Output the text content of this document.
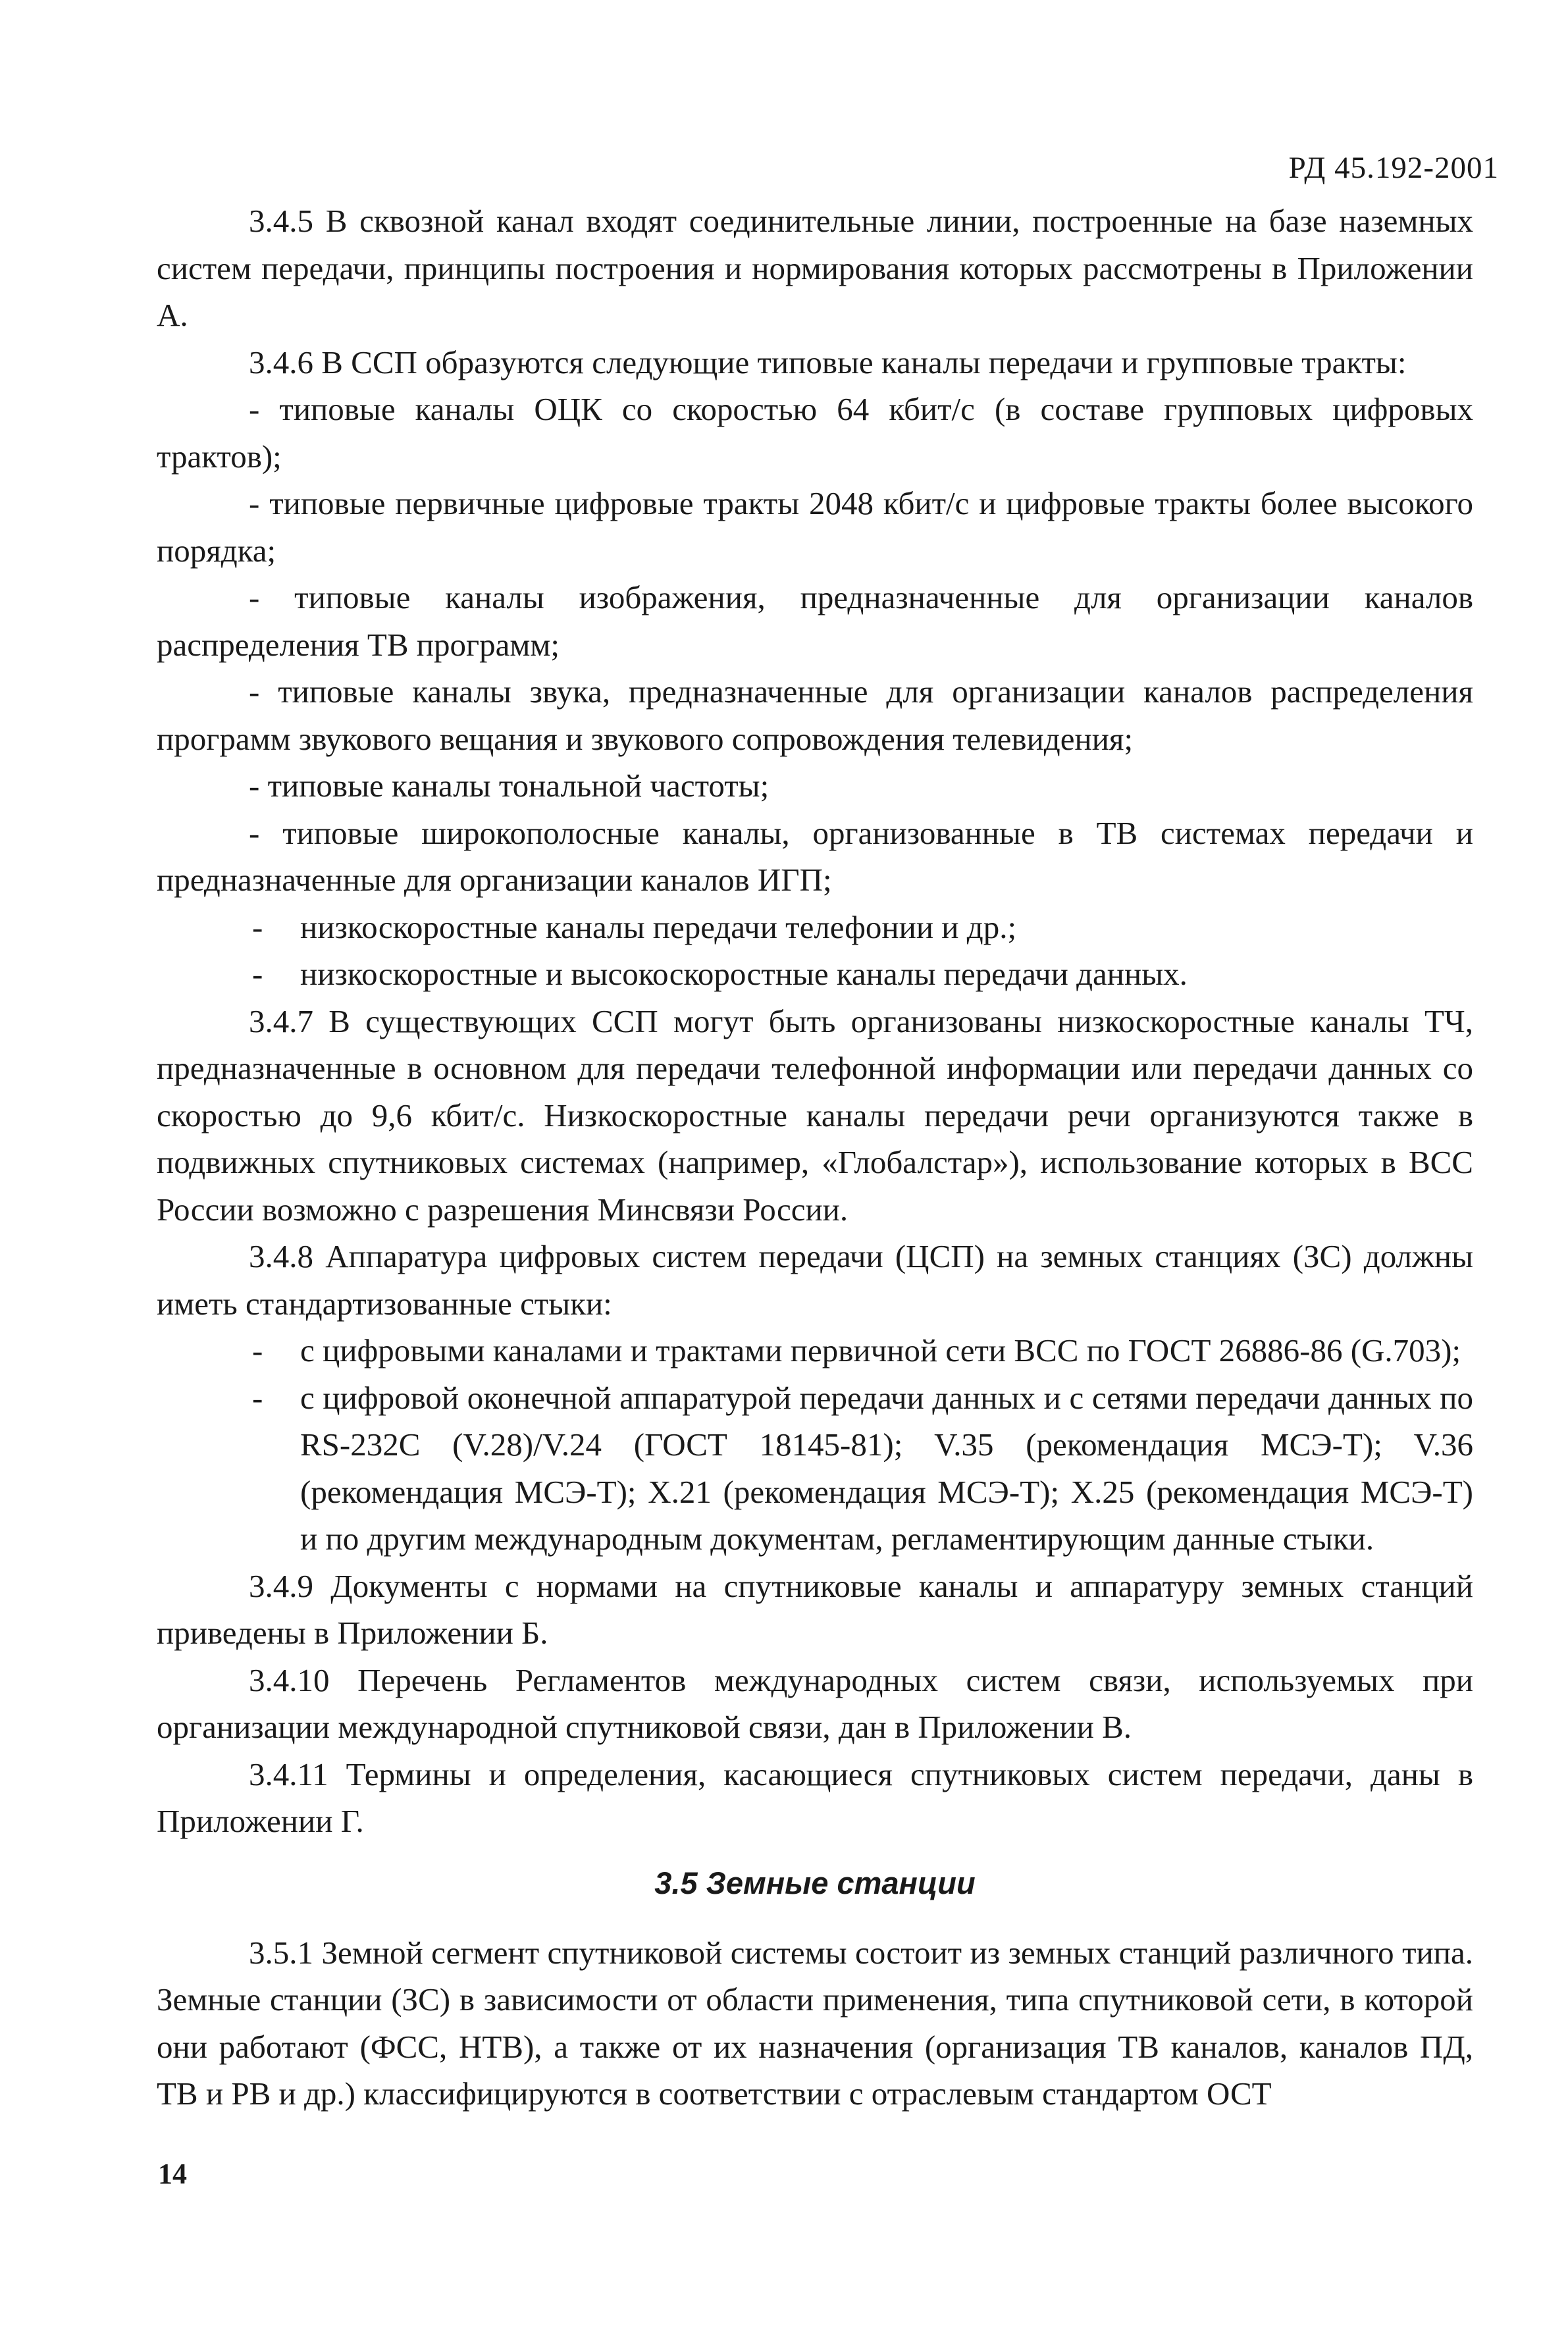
РД 45.192-2001

3.4.5 В сквозной канал входят соединительные линии, построенные на базе наземных систем передачи, принципы построения и нормирования которых рассмотрены в Приложении А.

3.4.6 В ССП образуются следующие типовые каналы передачи и групповые тракты:

- типовые каналы ОЦК со скоростью 64 кбит/с (в составе групповых цифровых трактов);

- типовые первичные цифровые тракты 2048 кбит/с и цифровые тракты более высокого порядка;

- типовые каналы изображения, предназначенные для организации каналов распределения ТВ программ;

- типовые каналы звука, предназначенные для организации каналов распределения программ звукового вещания и звукового сопровождения телевидения;

- типовые каналы тональной частоты;

- типовые широкополосные каналы, организованные в ТВ системах передачи и предназначенные для организации каналов ИГП;

- низкоскоростные каналы передачи телефонии и др.;
- низкоскоростные и высокоскоростные каналы передачи данных.

3.4.7 В существующих ССП могут быть организованы низкоскоростные каналы ТЧ, предназначенные в основном для передачи телефонной информации или передачи данных со скоростью до 9,6 кбит/с. Низкоскоростные каналы передачи речи организуются также в подвижных спутниковых системах (например, «Глобалстар»), использование которых в ВСС России возможно с разрешения Минсвязи России.

3.4.8 Аппаратура цифровых систем передачи (ЦСП) на земных станциях (ЗС) должны иметь стандартизованные стыки:

- с цифровыми каналами и трактами первичной сети ВСС по ГОСТ 26886-86 (G.703);
- с цифровой оконечной аппаратурой передачи данных и с сетями передачи данных по RS-232C (V.28)/V.24 (ГОСТ 18145-81); V.35 (рекомендация МСЭ-Т); V.36 (рекомендация МСЭ-Т); X.21 (рекомендация МСЭ-Т); X.25 (рекомендация МСЭ-Т) и по другим международным документам, регламентирующим данные стыки.

3.4.9 Документы с нормами на спутниковые каналы и аппаратуру земных станций приведены в Приложении Б.

3.4.10 Перечень Регламентов международных систем связи, используемых при организации международной спутниковой связи, дан в Приложении В.

3.4.11 Термины и определения, касающиеся спутниковых систем передачи, даны в Приложении Г.

3.5 Земные станции

3.5.1 Земной сегмент спутниковой системы состоит из земных станций различного типа. Земные станции (ЗС) в зависимости от области применения, типа спутниковой сети, в которой они работают (ФСС, НТВ), а также от их назначения (организация ТВ каналов, каналов ПД, ТВ и РВ и др.) классифицируются в соответствии с отраслевым стандартом ОСТ

14
